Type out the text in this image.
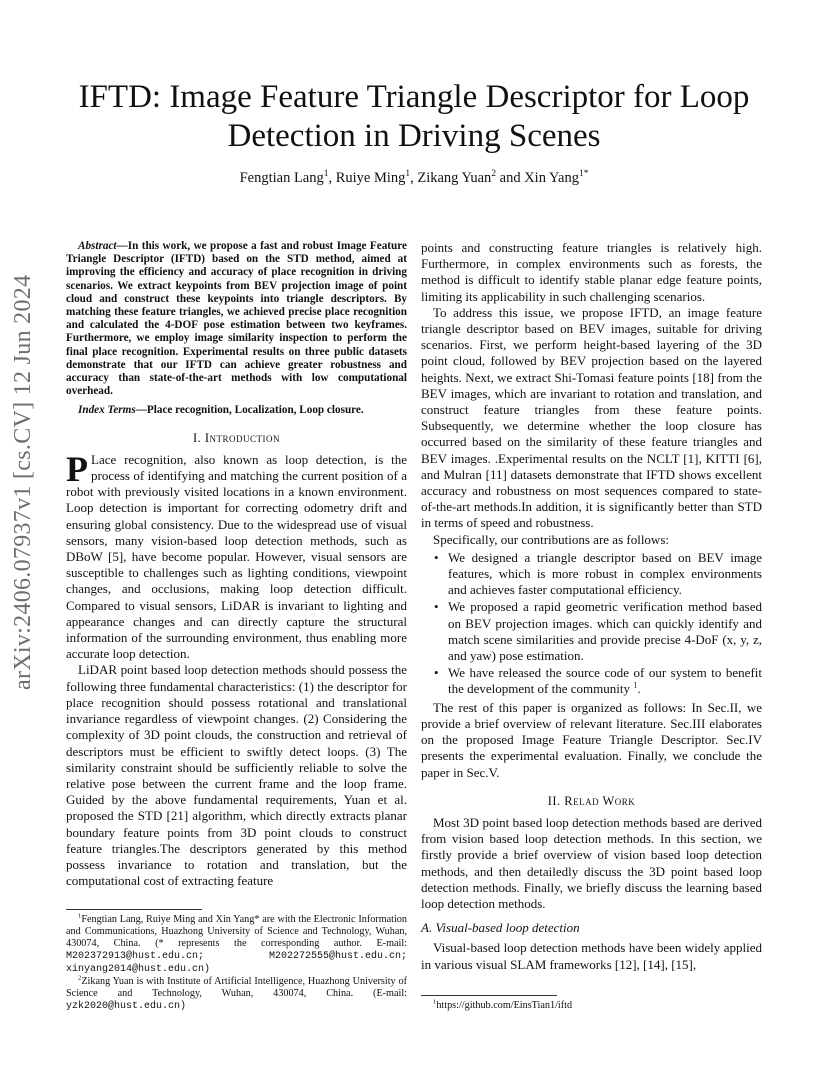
arXiv:2406.07937v1 [cs.CV] 12 Jun 2024
IFTD: Image Feature Triangle Descriptor for Loop Detection in Driving Scenes
Fengtian Lang$^1$, Ruiye Ming$^1$, Zikang Yuan$^2$ and Xin Yang$^{1*}$

Abstract—In this work, we propose a fast and robust Image Feature Triangle Descriptor (IFTD) based on the STD method, aimed at improving the efficiency and accuracy of place recognition in driving scenarios. We extract keypoints from BEV projection image of point cloud and construct these keypoints into triangle descriptors. By matching these feature triangles, we achieved precise place recognition and calculated the 4-DOF pose estimation between two keyframes. Furthermore, we employ image similarity inspection to perform the final place recognition. Experimental results on three public datasets demonstrate that our IFTD can achieve greater robustness and accuracy than state-of-the-art methods with low computational overhead.

Index Terms—Place recognition, Localization, Loop closure.

I. Introduction

P Lace recognition, also known as loop detection, is the process of identifying and matching the current position of a robot with previously visited locations in a known environment. Loop detection is important for correcting odometry drift and ensuring global consistency. Due to the widespread use of visual sensors, many vision-based loop detection methods, such as DBoW [5], have become popular. However, visual sensors are susceptible to challenges such as lighting conditions, viewpoint changes, and occlusions, making loop detection difficult. Compared to visual sensors, LiDAR is invariant to lighting and appearance changes and can directly capture the structural information of the surrounding environment, thus enabling more accurate loop detection.

LiDAR point based loop detection methods should possess the following three fundamental characteristics: (1) the descriptor for place recognition should possess rotational and translational invariance regardless of viewpoint changes. (2) Considering the complexity of 3D point clouds, the construction and retrieval of descriptors must be efficient to swiftly detect loops. (3) The similarity constraint should be sufficiently reliable to solve the relative pose between the current frame and the loop frame. Guided by the above fundamental requirements, Yuan et al. proposed the STD [21] algorithm, which directly extracts planar boundary feature points from 3D point clouds to construct feature triangles.The descriptors generated by this method possess invariance to rotation and translation, but the computational cost of extracting feature

$^1$Fengtian Lang, Ruiye Ming and Xin Yang* are with the Electronic Information and Communications, Huazhong University of Science and Technology, Wuhan, 430074, China. (* represents the corresponding author. E-mail: M202372913@hust.edu.cn; M202272555@hust.edu.cn; xinyang2014@hust.edu.cn)

$^2$Zikang Yuan is with Institute of Artificial Intelligence, Huazhong University of Science and Technology, Wuhan, 430074, China. (E-mail: yzk2020@hust.edu.cn)

points and constructing feature triangles is relatively high. Furthermore, in complex environments such as forests, the method is difficult to identify stable planar edge feature points, limiting its applicability in such challenging scenarios.

To address this issue, we propose IFTD, an image feature triangle descriptor based on BEV images, suitable for driving scenarios. First, we perform height-based layering of the 3D point cloud, followed by BEV projection based on the layered heights. Next, we extract Shi-Tomasi feature points [18] from the BEV images, which are invariant to rotation and translation, and construct feature triangles from these feature points. Subsequently, we determine whether the loop closure has occurred based on the similarity of these feature triangles and BEV images. .Experimental results on the NCLT [1], KITTI [6], and Mulran [11] datasets demonstrate that IFTD shows excellent accuracy and robustness on most sequences compared to state-of-the-art methods.In addition, it is significantly better than STD in terms of speed and robustness.

Specifically, our contributions are as follows:

• We designed a triangle descriptor based on BEV image features, which is more robust in complex environments and achieves faster computational efficiency.
• We proposed a rapid geometric verification method based on BEV projection images. which can quickly identify and match scene similarities and provide precise 4-DoF (x, y, z, and yaw) pose estimation.
• We have released the source code of our system to benefit the development of the community $^1$.

The rest of this paper is organized as follows: In Sec.II, we provide a brief overview of relevant literature. Sec.III elaborates on the proposed Image Feature Triangle Descriptor. Sec.IV presents the experimental evaluation. Finally, we conclude the paper in Sec.V.

II. Relad Work

Most 3D point based loop detection methods based are derived from vision based loop detection methods. In this section, we firstly provide a brief overview of vision based loop detection methods, and then detailedly discuss the 3D point based loop detection methods. Finally, we briefly discuss the learning based loop detection methods.

A. Visual-based loop detection

Visual-based loop detection methods have been widely applied in various visual SLAM frameworks [12], [14], [15],

$^1$https://github.com/EinsTian1/iftd
